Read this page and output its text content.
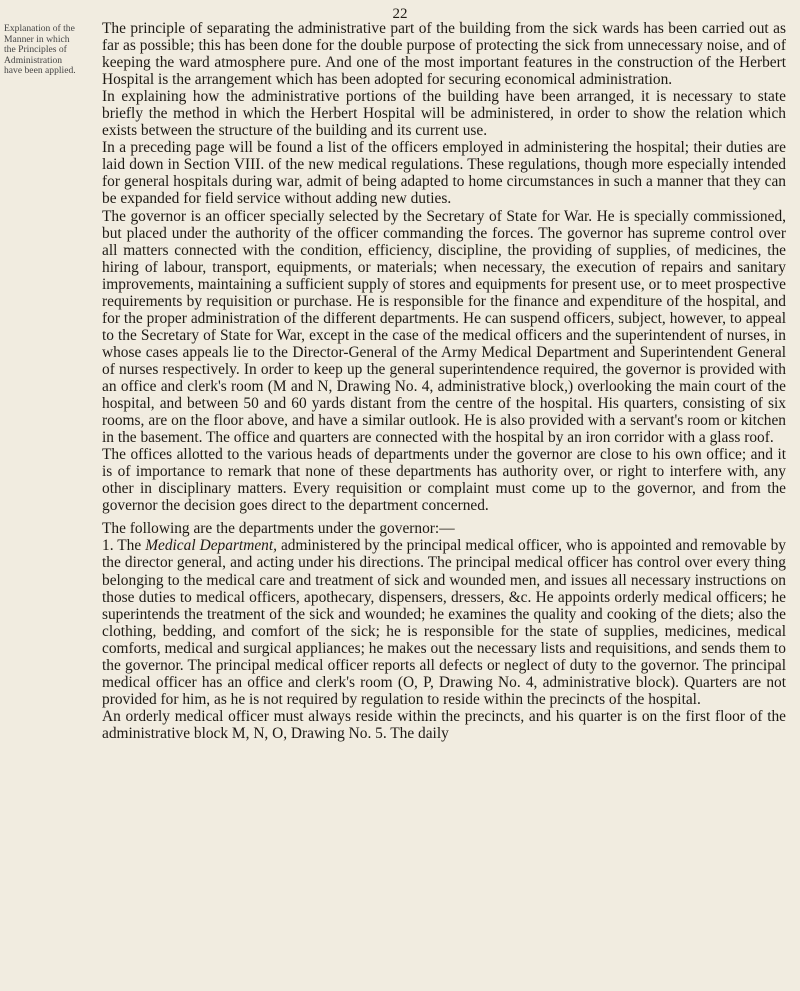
22
Explanation of the
Manner in which
the Principles of
Administration
have been applied.

The principle of separating the administrative part of the building from the sick wards has been carried out as far as possible; this has been done for the double purpose of protecting the sick from unnecessary noise, and of keeping the ward atmosphere pure. And one of the most important features in the construction of the Herbert Hospital is the arrangement which has been adopted for securing economical administration.

In explaining how the administrative portions of the building have been arranged, it is necessary to state briefly the method in which the Herbert Hospital will be administered, in order to show the relation which exists between the structure of the building and its current use.

In a preceding page will be found a list of the officers employed in administering the hospital; their duties are laid down in Section VIII. of the new medical regulations. These regulations, though more especially intended for general hospitals during war, admit of being adapted to home circumstances in such a manner that they can be expanded for field service without adding new duties.

The governor is an officer specially selected by the Secretary of State for War. He is specially commissioned, but placed under the authority of the officer commanding the forces. The governor has supreme control over all matters connected with the condition, efficiency, discipline, the providing of supplies, of medicines, the hiring of labour, transport, equipments, or materials; when necessary, the execution of repairs and sanitary improvements, maintaining a sufficient supply of stores and equipments for present use, or to meet prospective requirements by requisition or purchase. He is responsible for the finance and expenditure of the hospital, and for the proper administration of the different departments. He can suspend officers, subject, however, to appeal to the Secretary of State for War, except in the case of the medical officers and the superintendent of nurses, in whose cases appeals lie to the Director-General of the Army Medical Department and Superintendent General of nurses respectively. In order to keep up the general superintendence required, the governor is provided with an office and clerk's room (M and N, Drawing No. 4, administrative block,) overlooking the main court of the hospital, and between 50 and 60 yards distant from the centre of the hospital. His quarters, consisting of six rooms, are on the floor above, and have a similar outlook. He is also provided with a servant's room or kitchen in the basement. The office and quarters are connected with the hospital by an iron corridor with a glass roof.

The offices allotted to the various heads of departments under the governor are close to his own office; and it is of importance to remark that none of these departments has authority over, or right to interfere with, any other in disciplinary matters. Every requisition or complaint must come up to the governor, and from the governor the decision goes direct to the department concerned.

The following are the departments under the governor:—

1. The Medical Department, administered by the principal medical officer, who is appointed and removable by the director general, and acting under his directions. The principal medical officer has control over every thing belonging to the medical care and treatment of sick and wounded men, and issues all necessary instructions on those duties to medical officers, apothecary, dispensers, dressers, &c. He appoints orderly medical officers; he superintends the treatment of the sick and wounded; he examines the quality and cooking of the diets; also the clothing, bedding, and comfort of the sick; he is responsible for the state of supplies, medicines, medical comforts, medical and surgical appliances; he makes out the necessary lists and requisitions, and sends them to the governor. The principal medical officer reports all defects or neglect of duty to the governor. The principal medical officer has an office and clerk's room (O, P, Drawing No. 4, administrative block). Quarters are not provided for him, as he is not required by regulation to reside within the precincts of the hospital.

An orderly medical officer must always reside within the precincts, and his quarter is on the first floor of the administrative block M, N, O, Drawing No. 5. The daily
